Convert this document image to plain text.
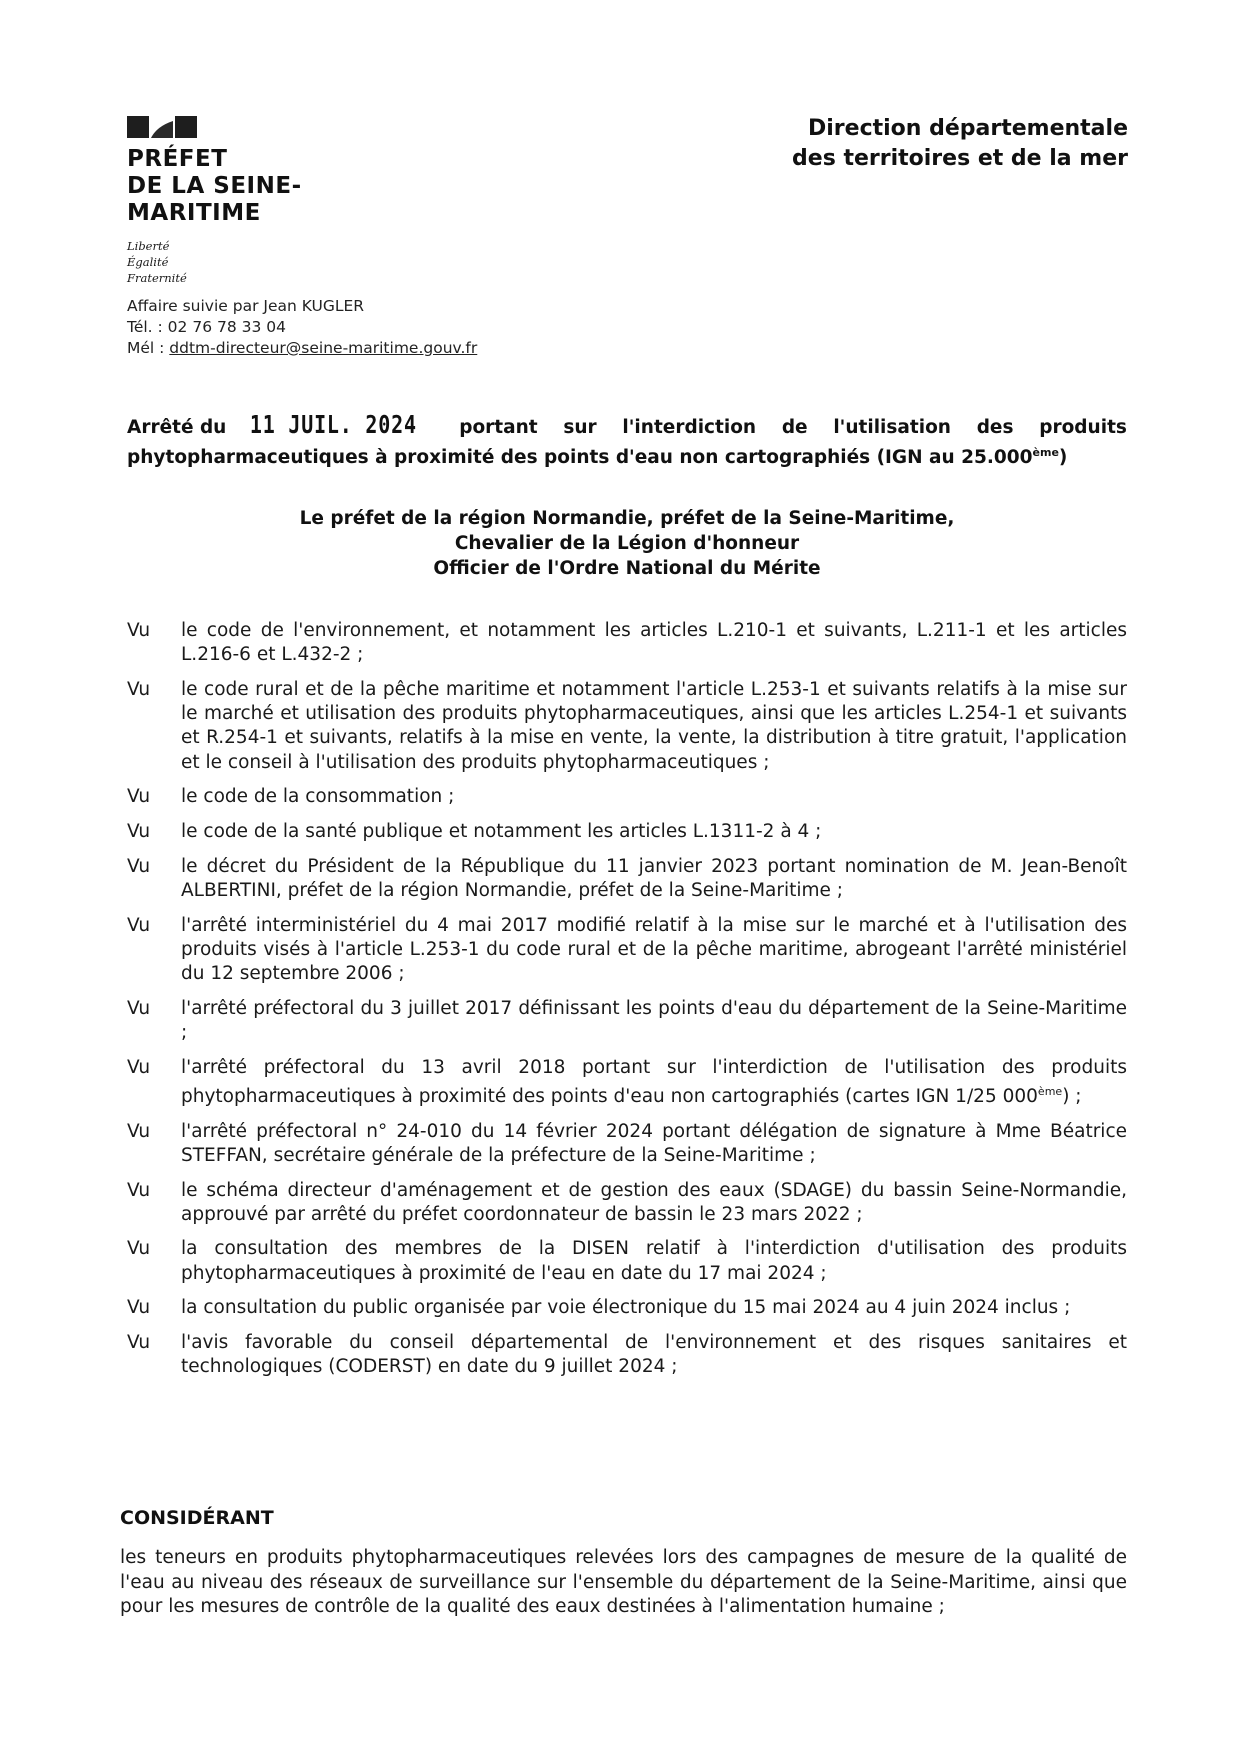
PRÉFET
DE LA SEINE-
MARITIME
Liberté
Égalité
Fraternité
Affaire suivie par Jean KUGLER
Tél. : 02 76 78 33 04
Mél : ddtm-directeur@seine-maritime.gouv.fr
Direction départementale
des territoires et de la mer
Arrêté du 11 JUIL. 2024	portant sur l'interdiction de l'utilisation des produits
phytopharmaceutiques à proximité des points d'eau non cartographiés (IGN au 25.000ème)
Le préfet de la région Normandie, préfet de la Seine-Maritime,
Chevalier de la Légion d'honneur
Officier de l'Ordre National du Mérite
Vu	le code de l'environnement, et notamment les articles L.210-1 et suivants, L.211-1 et les articles L.216-6 et L.432-2 ;
Vu	le code rural et de la pêche maritime et notamment l'article L.253-1 et suivants relatifs à la mise sur le marché et utilisation des produits phytopharmaceutiques, ainsi que les articles L.254-1 et suivants et R.254-1 et suivants, relatifs à la mise en vente, la vente, la distribution à titre gratuit, l'application et le conseil à l'utilisation des produits phytopharmaceutiques ;
Vu	le code de la consommation ;
Vu	le code de la santé publique et notamment les articles L.1311-2 à 4 ;
Vu	le décret du Président de la République du 11 janvier 2023 portant nomination de M. Jean-Benoît ALBERTINI, préfet de la région Normandie, préfet de la Seine-Maritime ;
Vu	l'arrêté interministériel du 4 mai 2017 modifié relatif à la mise sur le marché et à l'utilisation des produits visés à l'article L.253-1 du code rural et de la pêche maritime, abrogeant l'arrêté ministériel du 12 septembre 2006 ;
Vu	l'arrêté préfectoral du 3 juillet 2017 définissant les points d'eau du département de la Seine-Maritime ;
Vu	l'arrêté préfectoral du 13 avril 2018 portant sur l'interdiction de l'utilisation des produits phytopharmaceutiques à proximité des points d'eau non cartographiés (cartes IGN 1/25 000ème) ;
Vu	l'arrêté préfectoral n° 24-010 du 14 février 2024 portant délégation de signature à Mme Béatrice STEFFAN, secrétaire générale de la préfecture de la Seine-Maritime ;
Vu	le schéma directeur d'aménagement et de gestion des eaux (SDAGE) du bassin Seine-Normandie, approuvé par arrêté du préfet coordonnateur de bassin le 23 mars 2022 ;
Vu	la consultation des membres de la DISEN relatif à l'interdiction d'utilisation des produits phytopharmaceutiques à proximité de l'eau en date du 17 mai 2024 ;
Vu	la consultation du public organisée par voie électronique du 15 mai 2024 au 4 juin 2024 inclus ;
Vu	l'avis favorable du conseil départemental de l'environnement et des risques sanitaires et technologiques (CODERST) en date du 9 juillet 2024 ;
CONSIDÉRANT
les teneurs en produits phytopharmaceutiques relevées lors des campagnes de mesure de la qualité de l'eau au niveau des réseaux de surveillance sur l'ensemble du département de la Seine-Maritime, ainsi que pour les mesures de contrôle de la qualité des eaux destinées à l'alimentation humaine ;
